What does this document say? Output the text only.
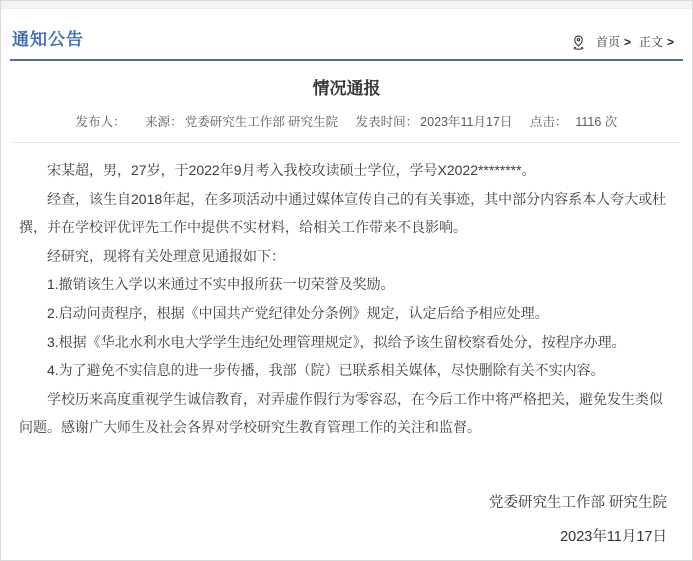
通知公告	首页 > 正文 >
情况通报
发布人： 来源： 党委研究生工作部 研究生院 发表时间： 2023年11月17日 点击： 1116 次

宋某超，男，27岁，于2022年9月考入我校攻读硕士学位，学号X2022********。

经查，该生自2018年起，在多项活动中通过媒体宣传自己的有关事迹，其中部分内容系本人夸大或杜撰，并在学校评优评先工作中提供不实材料，给相关工作带来不良影响。

经研究，现将有关处理意见通报如下：

1.撤销该生入学以来通过不实申报所获一切荣誉及奖励。

2.启动问责程序，根据《中国共产党纪律处分条例》规定，认定后给予相应处理。

3.根据《华北水利水电大学学生违纪处理管理规定》，拟给予该生留校察看处分，按程序办理。

4.为了避免不实信息的进一步传播，我部（院）已联系相关媒体，尽快删除有关不实内容。

学校历来高度重视学生诚信教育，对弄虚作假行为零容忍，在今后工作中将严格把关，避免发生类似问题。感谢广大师生及社会各界对学校研究生教育管理工作的关注和监督。

党委研究生工作部 研究生院
2023年11月17日
